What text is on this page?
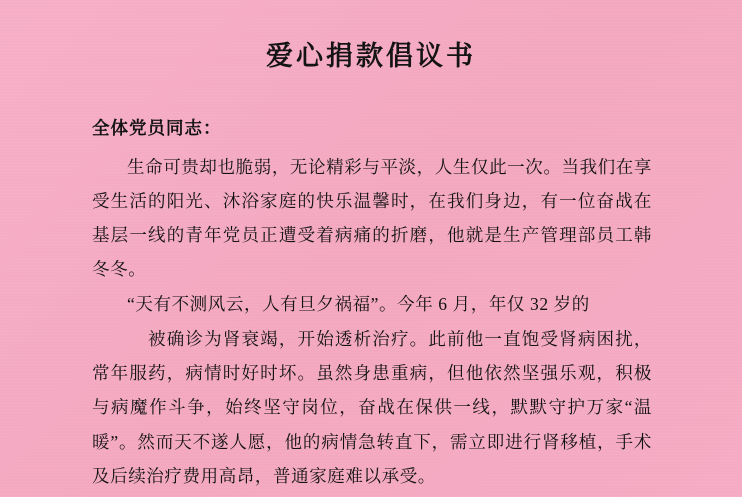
爱心捐款倡议书
全体党员同志：

生命可贵却也脆弱，无论精彩与平淡，人生仅此一次。当我们在享受生活的阳光、沐浴家庭的快乐温馨时，在我们身边，有一位奋战在基层一线的青年党员正遭受着病痛的折磨，他就是生产管理部员工韩冬冬。

“天有不测风云，人有旦夕祸福”。今年 6 月，年仅 32 岁的

被确诊为肾衰竭，开始透析治疗。此前他一直饱受肾病困扰，常年服药，病情时好时坏。虽然身患重病，但他依然坚强乐观，积极与病魔作斗争，始终坚守岗位，奋战在保供一线，默默守护万家“温暖”。然而天不遂人愿，他的病情急转直下，需立即进行肾移植，手术及后续治疗费用高昂，普通家庭难以承受。
